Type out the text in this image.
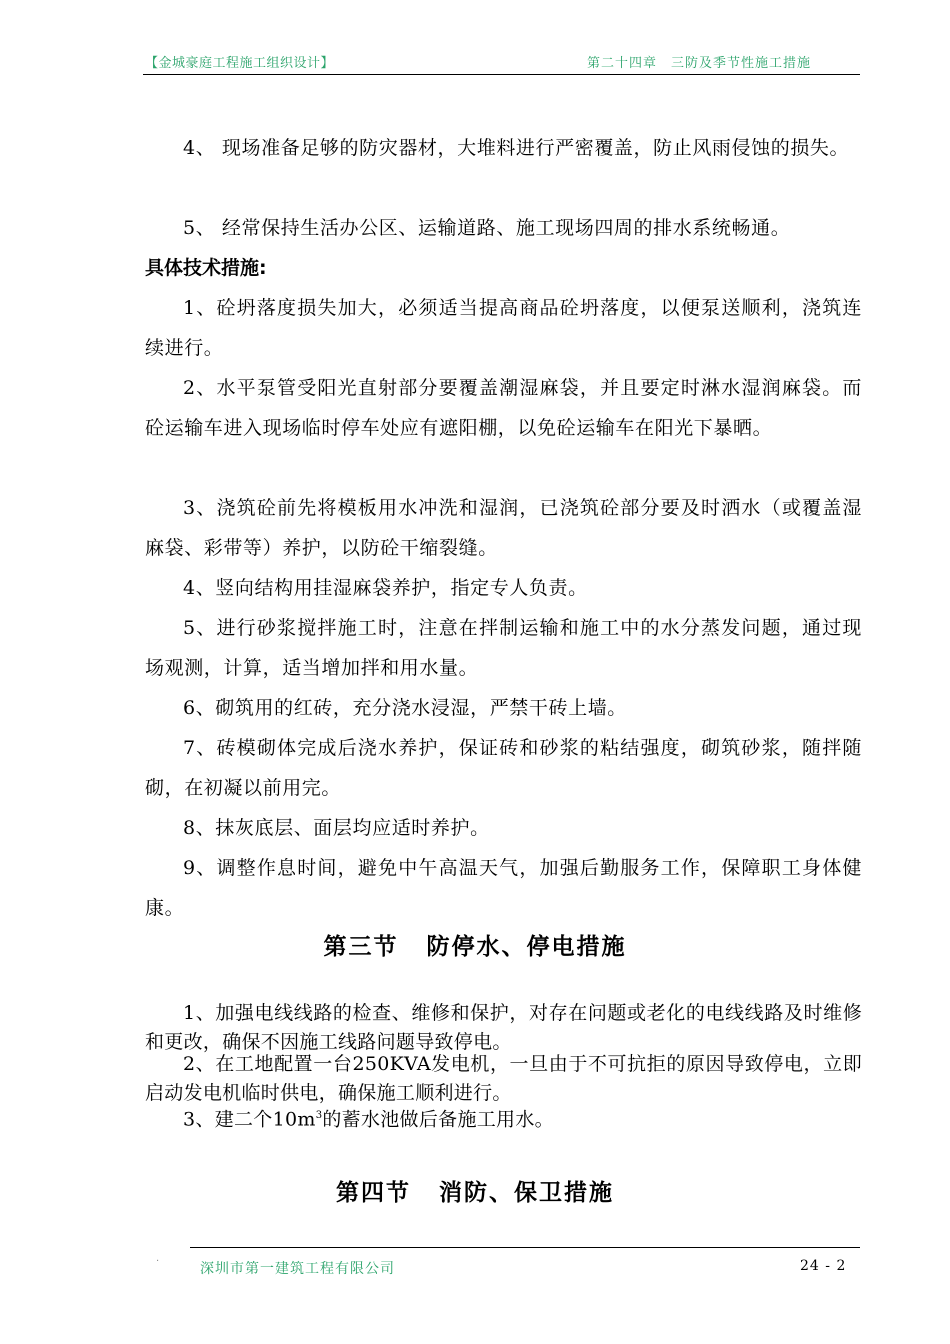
【金城豪庭工程施工组织设计】	第二十四章　三防及季节性施工措施

4、 现场准备足够的防灾器材，大堆料进行严密覆盖，防止风雨侵蚀的损失。

5、 经常保持生活办公区、运输道路、施工现场四周的排水系统畅通。

具体技术措施:

1、砼坍落度损失加大，必须适当提高商品砼坍落度，以便泵送顺利，浇筑连续进行。

2、水平泵管受阳光直射部分要覆盖潮湿麻袋，并且要定时淋水湿润麻袋。而砼运输车进入现场临时停车处应有遮阳棚，以免砼运输车在阳光下暴晒。

3、浇筑砼前先将模板用水冲洗和湿润，已浇筑砼部分要及时洒水（或覆盖湿麻袋、彩带等）养护，以防砼干缩裂缝。

4、竖向结构用挂湿麻袋养护，指定专人负责。

5、进行砂浆搅拌施工时，注意在拌制运输和施工中的水分蒸发问题，通过现场观测，计算，适当增加拌和用水量。

6、砌筑用的红砖，充分浇水浸湿，严禁干砖上墙。

7、砖模砌体完成后浇水养护，保证砖和砂浆的粘结强度，砌筑砂浆，随拌随砌，在初凝以前用完。

8、抹灰底层、面层均应适时养护。

9、调整作息时间，避免中午高温天气，加强后勤服务工作，保障职工身体健康。

第三节 防停水、停电措施

1、加强电线线路的检查、维修和保护，对存在问题或老化的电线线路及时维修和更改，确保不因施工线路问题导致停电。

2、在工地配置一台250KVA发电机，一旦由于不可抗拒的原因导致停电，立即启动发电机临时供电，确保施工顺利进行。

3、建二个$10m^3$的蓄水池做后备施工用水。

第四节 消防、保卫措施
·	深圳市第一建筑工程有限公司	24 - 2
